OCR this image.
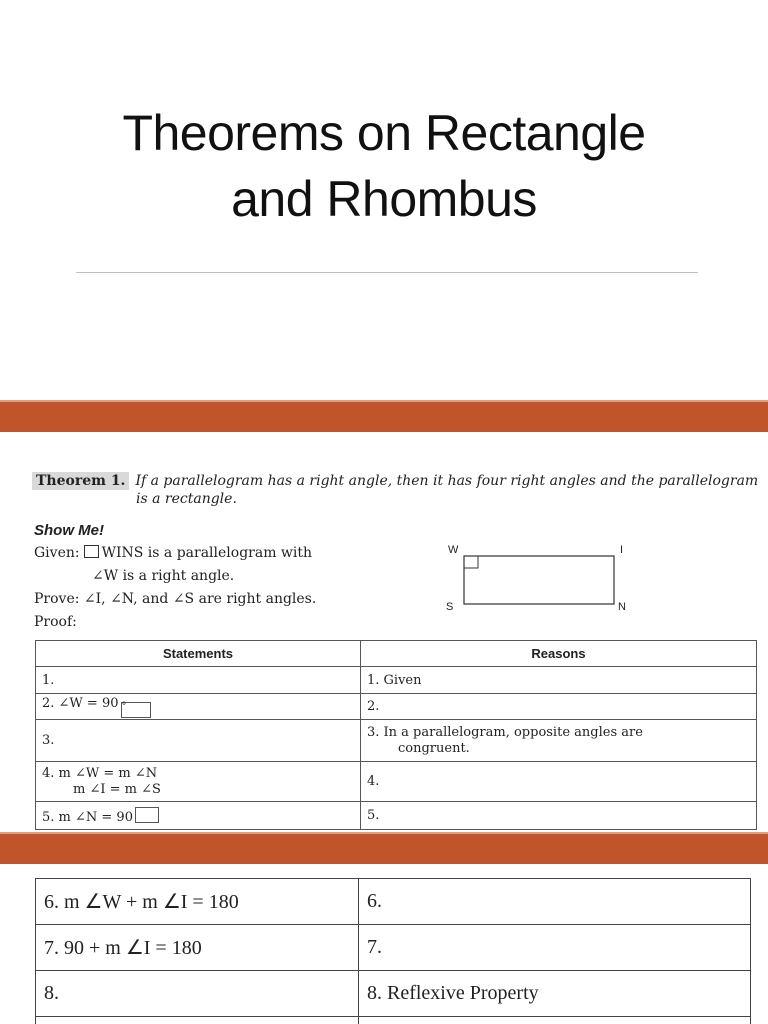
Theorems on Rectangle
and Rhombus
Theorem 1. If a parallelogram has a right angle, then it has four right angles and the parallelogram
is a rectangle.
Show Me!
Given: WINS is a parallelogram with
∠W is a right angle.
Prove: ∠I, ∠N, and ∠S are right angles.
Proof:
W	I
S	N
Statements	Reasons
1.	1. Given
2. ∠W = 90 °	2.
3.	3. In a parallelogram, opposite angles are
congruent.

4. m ∠W = m ∠N
m ∠I = m ∠S	4.
5. m ∠N = 90	5.
6. m ∠W + m ∠I = 180	6.
7. 90 + m ∠I = 180	7.
8.	8. Reflexive Property
